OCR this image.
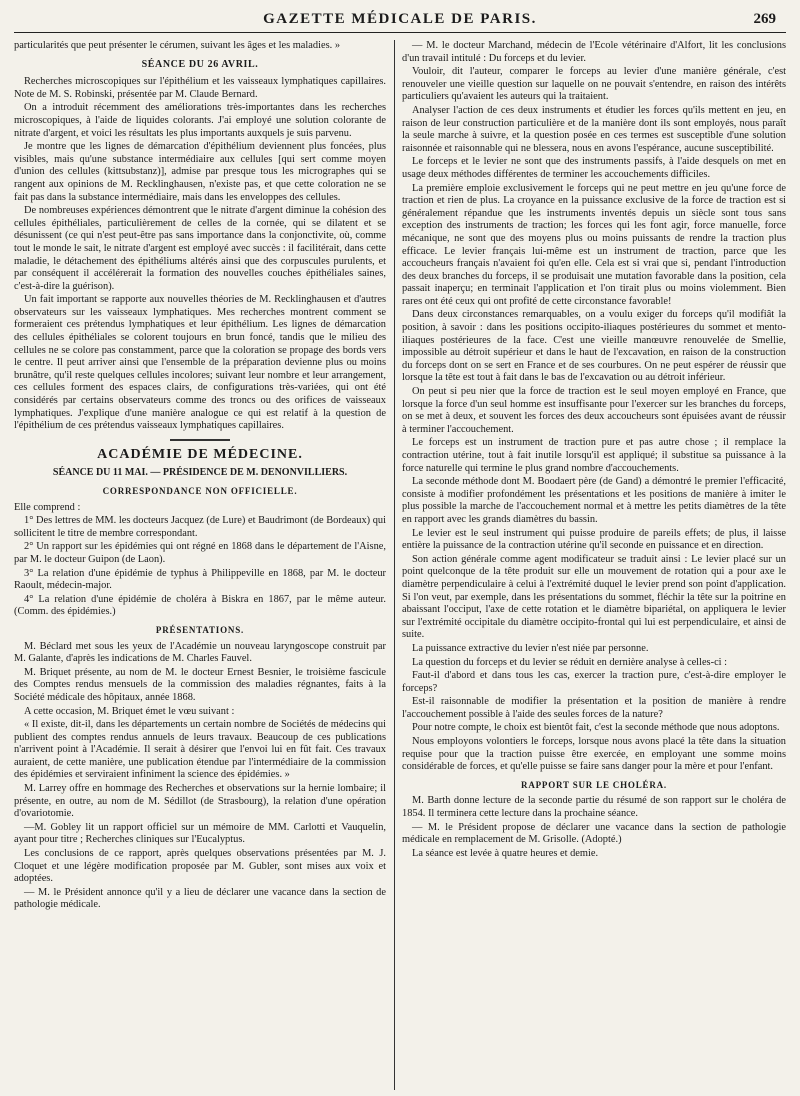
GAZETTE MÉDICALE DE PARIS.	269

particularités que peut présenter le cérumen, suivant les âges et les maladies. »

SÉANCE DU 26 AVRIL.

Recherches microscopiques sur l'épithélium et les vaisseaux lymphatiques capillaires. Note de M. S. Robinski, présentée par M. Claude Bernard.

On a introduit récemment des améliorations très-importantes dans les recherches microscopiques, à l'aide de liquides colorants. J'ai employé une solution colorante de nitrate d'argent, et voici les résultats les plus importants auxquels je suis parvenu.

Je montre que les lignes de démarcation d'épithélium deviennent plus foncées, plus visibles, mais qu'une substance intermédiaire aux cellules [qui sert comme moyen d'union des cellules (kittsubstanz)], admise par presque tous les micrographes qui se rangent aux opinions de M. Recklinghausen, n'existe pas, et que cette coloration ne se fait pas dans la substance intermédiaire, mais dans les enveloppes des cellules.

De nombreuses expériences démontrent que le nitrate d'argent diminue la cohésion des cellules épithéliales, particulièrement de celles de la cornée, qui se dilatent et se désunissent (ce qui n'est peut-être pas sans importance dans la conjonctivite, où, comme tout le monde le sait, le nitrate d'argent est employé avec succès : il facilitérait, dans cette maladie, le détachement des épithéliums altérés ainsi que des corpuscules purulents, et par conséquent il accélérerait la formation des nouvelles couches épithéliales saines, c'est-à-dire la guérison).

Un fait important se rapporte aux nouvelles théories de M. Recklinghausen et d'autres observateurs sur les vaisseaux lymphatiques. Mes recherches montrent comment se formeraient ces prétendus lymphatiques et leur épithélium. Les lignes de démarcation des cellules épithéliales se colorent toujours en brun foncé, tandis que le milieu des cellules ne se colore pas constamment, parce que la coloration se propage des bords vers le centre. Il peut arriver ainsi que l'ensemble de la préparation devienne plus ou moins brunâtre, qu'il reste quelques cellules incolores; suivant leur nombre et leur arrangement, ces cellules forment des espaces clairs, de configurations très-variées, qui ont été considérés par certains observateurs comme des troncs ou des orifices de vaisseaux lymphatiques. J'explique d'une manière analogue ce qui est relatif à la question de l'épithélium de ces prétendus vaisseaux lymphatiques capillaires.

ACADÉMIE DE MÉDECINE.
SÉANCE DU 11 MAI. — PRÉSIDENCE DE M. DENONVILLIERS.
CORRESPONDANCE NON OFFICIELLE.

Elle comprend :

1° Des lettres de MM. les docteurs Jacquez (de Lure) et Baudrimont (de Bordeaux) qui sollicitent le titre de membre correspondant.

2° Un rapport sur les épidémies qui ont régné en 1868 dans le département de l'Aisne, par M. le docteur Guipon (de Laon).

3° La relation d'une épidémie de typhus à Philippeville en 1868, par M. le docteur Raoult, médecin-major.

4° La relation d'une épidémie de choléra à Biskra en 1867, par le même auteur. (Comm. des épidémies.)

PRÉSENTATIONS.

M. Béclard met sous les yeux de l'Académie un nouveau laryngoscope construit par M. Galante, d'après les indications de M. Charles Fauvel.

M. Briquet présente, au nom de M. le docteur Ernest Besnier, le troisième fascicule des Comptes rendus mensuels de la commission des maladies régnantes, faits à la Société médicale des hôpitaux, année 1868.

A cette occasion, M. Briquet émet le vœu suivant :

« Il existe, dit-il, dans les départements un certain nombre de Sociétés de médecins qui publient des comptes rendus annuels de leurs travaux. Beaucoup de ces publications n'arrivent point à l'Académie. Il serait à désirer que l'envoi lui en fût fait. Ces travaux auraient, de cette manière, une publication étendue par l'intermédiaire de la commission des épidémies et serviraient infiniment la science des épidémies. »

M. Larrey offre en hommage des Recherches et observations sur la hernie lombaire; il présente, en outre, au nom de M. Sédillot (de Strasbourg), la relation d'une opération d'ovariotomie.

—M. Gobley lit un rapport officiel sur un mémoire de MM. Carlotti et Vauquelin, ayant pour titre ; Recherches cliniques sur l'Eucalyptus.

Les conclusions de ce rapport, après quelques observations présentées par M. J. Cloquet et une légère modification proposée par M. Gubler, sont mises aux voix et adoptées.

— M. le Président annonce qu'il y a lieu de déclarer une vacance dans la section de pathologie médicale.

— M. le docteur Marchand, médecin de l'Ecole vétérinaire d'Alfort, lit les conclusions d'un travail intitulé : Du forceps et du levier.

Vouloir, dit l'auteur, comparer le forceps au levier d'une manière générale, c'est renouveler une vieille question sur laquelle on ne pouvait s'entendre, en raison des intérêts particuliers qu'avaient les auteurs qui la traitaient.

Analyser l'action de ces deux instruments et étudier les forces qu'ils mettent en jeu, en raison de leur construction particulière et de la manière dont ils sont employés, nous paraît la seule marche à suivre, et la question posée en ces termes est susceptible d'une solution raisonnée et raisonnable qui ne blessera, nous en avons l'espérance, aucune susceptibilité.

Le forceps et le levier ne sont que des instruments passifs, à l'aide desquels on met en usage deux méthodes différentes de terminer les accouchements difficiles.

La première emploie exclusivement le forceps qui ne peut mettre en jeu qu'une force de traction et rien de plus. La croyance en la puissance exclusive de la force de traction est si généralement répandue que les instruments inventés depuis un siècle sont tous sans exception des instruments de traction; les forces qui les font agir, force manuelle, force mécanique, ne sont que des moyens plus ou moins puissants de rendre la traction plus efficace. Le levier français lui-même est un instrument de traction, parce que les accoucheurs français n'avaient foi qu'en elle. Cela est si vrai que si, pendant l'introduction des deux branches du forceps, il se produisait une mutation favorable dans la position, cela passait inaperçu; en terminait l'application et l'on tirait plus ou moins violemment. Bien rares ont été ceux qui ont profité de cette circonstance favorable!

Dans deux circonstances remarquables, on a voulu exiger du forceps qu'il modifiât la position, à savoir : dans les positions occipito-iliaques postérieures du sommet et mento-iliaques postérieures de la face. C'est une vieille manœuvre renouvelée de Smellie, impossible au détroit supérieur et dans le haut de l'excavation, en raison de la construction du forceps dont on se sert en France et de ses courbures. On ne peut espérer de réussir que lorsque la tête est tout à fait dans le bas de l'excavation ou au détroit inférieur.

On peut si peu nier que la force de traction est le seul moyen employé en France, que lorsque la force d'un seul homme est insuffisante pour l'exercer sur les branches du forceps, on se met à deux, et souvent les forces des deux accoucheurs sont épuisées avant de réussir à terminer l'accouchement.

Le forceps est un instrument de traction pure et pas autre chose ; il remplace la contraction utérine, tout à fait inutile lorsqu'il est appliqué; il substitue sa puissance à la force naturelle qui termine le plus grand nombre d'accouchements.

La seconde méthode dont M. Boodaert père (de Gand) a démontré le premier l'efficacité, consiste à modifier profondément les présentations et les positions de manière à imiter le plus possible la marche de l'accouchement normal et à mettre les petits diamètres de la tête en rapport avec les grands diamètres du bassin.

Le levier est le seul instrument qui puisse produire de pareils effets; de plus, il laisse entière la puissance de la contraction utérine qu'il seconde en puissance et en direction.

Son action générale comme agent modificateur se traduit ainsi : Le levier placé sur un point quelconque de la tête produit sur elle un mouvement de rotation qui a pour axe le diamètre perpendiculaire à celui à l'extrémité duquel le levier prend son point d'application. Si l'on veut, par exemple, dans les présentations du sommet, fléchir la tête sur la poitrine en abaissant l'occiput, l'axe de cette rotation et le diamètre bipariétal, on appliquera le levier sur l'extrémité occipitale du diamètre occipito-frontal qui lui est perpendiculaire, et ainsi de suite.

La puissance extractive du levier n'est niée par personne.

La question du forceps et du levier se réduit en dernière analyse à celles-ci :

Faut-il d'abord et dans tous les cas, exercer la traction pure, c'est-à-dire employer le forceps?

Est-il raisonnable de modifier la présentation et la position de manière à rendre l'accouchement possible à l'aide des seules forces de la nature?

Pour notre compte, le choix est bientôt fait, c'est la seconde méthode que nous adoptons.

Nous employons volontiers le forceps, lorsque nous avons placé la tête dans la situation requise pour que la traction puisse être exercée, en employant une somme moins considérable de forces, et qu'elle puisse se faire sans danger pour la mère et pour l'enfant.

RAPPORT SUR LE CHOLÉRA.

M. Barth donne lecture de la seconde partie du résumé de son rapport sur le choléra de 1854. Il terminera cette lecture dans la prochaine séance.

— M. le Président propose de déclarer une vacance dans la section de pathologie médicale en remplacement de M. Grisolle. (Adopté.)

La séance est levée à quatre heures et demie.
